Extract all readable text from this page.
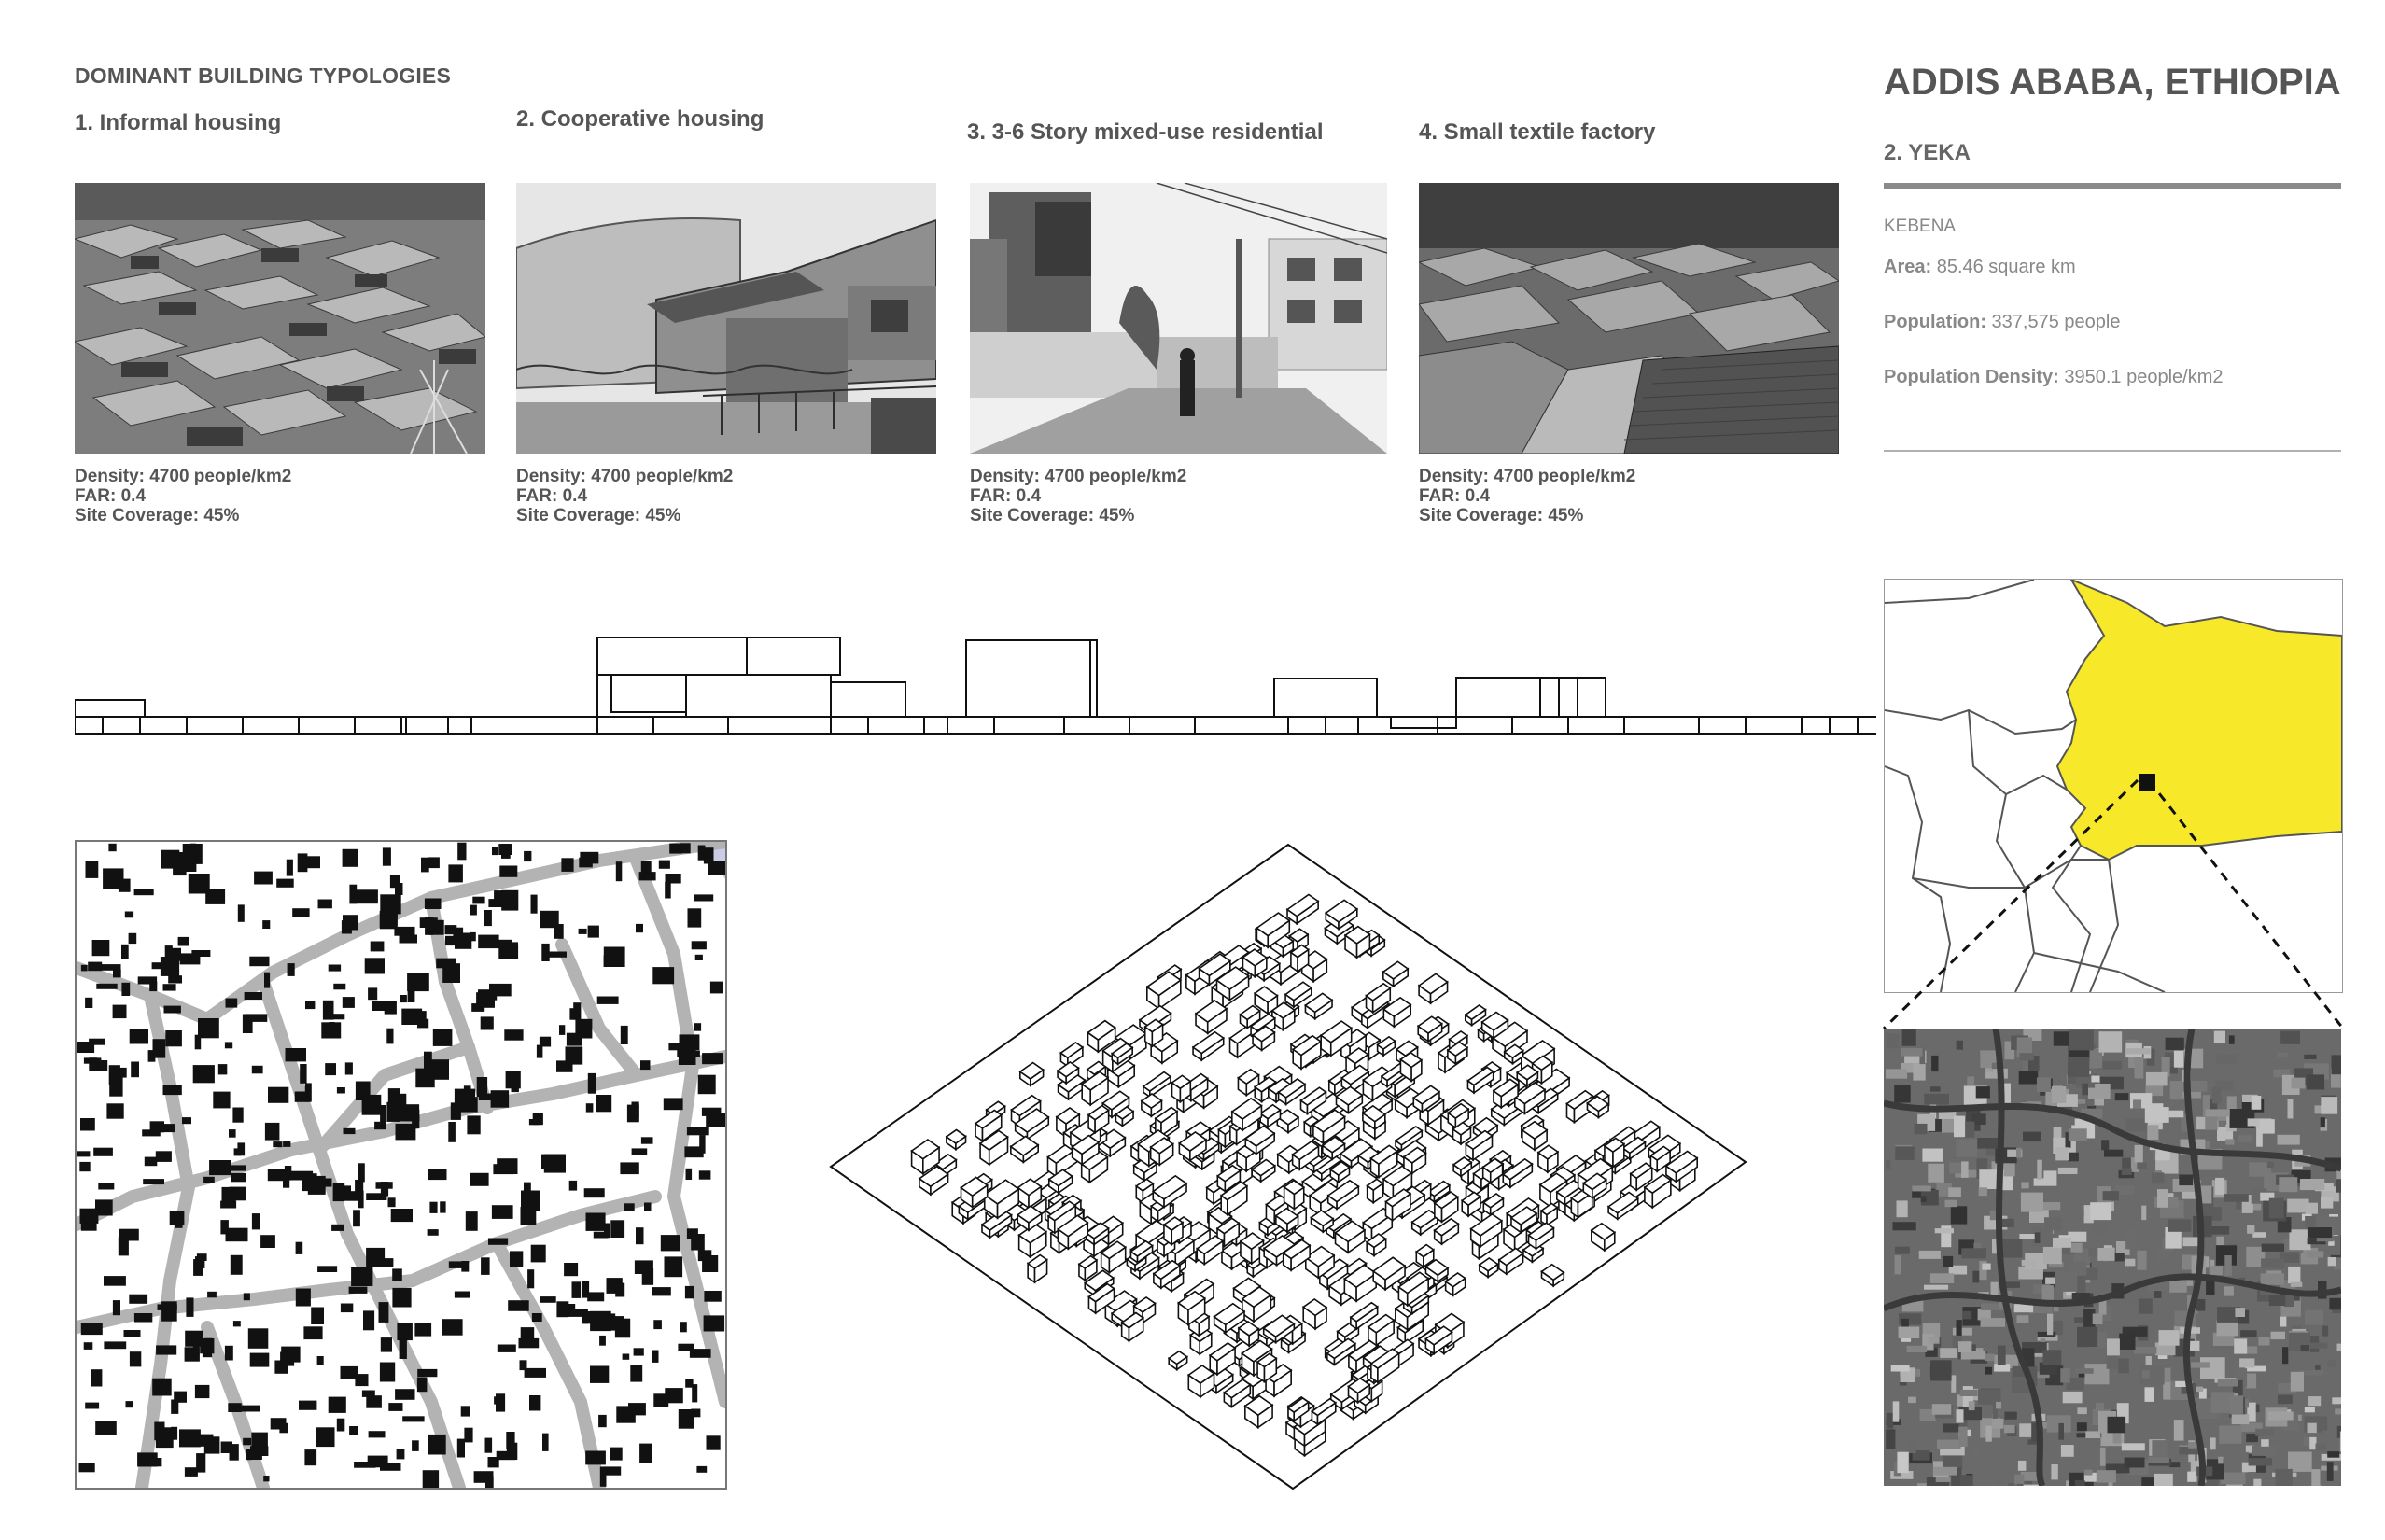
DOMINANT BUILDING TYPOLOGIES
1. Informal housing	2. Cooperative housing
3. 3-6 Story mixed-use residential	4. Small textile factory
Density: 4700 people/km2
FAR: 0.4
Site Coverage: 45%
Density: 4700 people/km2
FAR: 0.4
Site Coverage: 45%
Density: 4700 people/km2
FAR: 0.4
Site Coverage: 45%
Density: 4700 people/km2
FAR: 0.4
Site Coverage: 45%
ADDIS ABABA, ETHIOPIA
2. YEKA
KEBENA
Area: 85.46 square km
Population: 337,575 people
Population Density: 3950.1 people/km2
